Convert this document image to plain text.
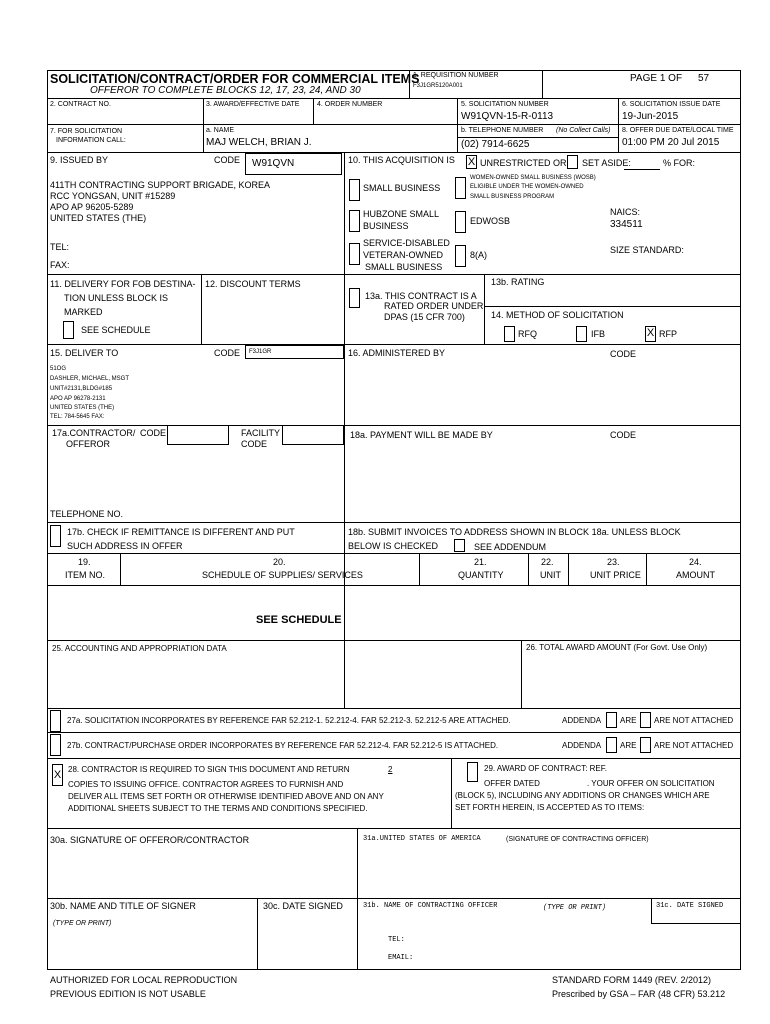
SOLICITATION/CONTRACT/ORDER FOR COMMERCIAL ITEMS
OFFEROR TO COMPLETE BLOCKS 12, 17, 23, 24, AND 30
1. REQUISITION NUMBER
F3J1GR5120A001
PAGE 1 OF 57
2. CONTRACT NO.	3. AWARD/EFFECTIVE DATE	4. ORDER NUMBER	5. SOLICITATION NUMBER
W91QVN-15-R-0113
6. SOLICITATION ISSUE DATE
19-Jun-2015
7. FOR SOLICITATION
INFORMATION CALL:
a. NAME
MAJ WELCH, BRIAN J.
b. TELEPHONE NUMBER (No Collect Calls)
(02) 7914-6625
8. OFFER DUE DATE/LOCAL TIME
01:00 PM 20 Jul 2015
9. ISSUED BY	CODE W91QVN
411TH CONTRACTING SUPPORT BRIGADE, KOREA
RCC YONGSAN, UNIT #15289
APO AP 96205-5289
UNITED STATES (THE)
TEL:
FAX:
10. THIS ACQUISITION IS X UNRESTRICTED OR SET ASIDE:	% FOR:
SMALL BUSINESS
WOMEN-OWNED SMALL BUSINESS (WOSB)
ELIGIBLE UNDER THE WOMEN-OWNED
SMALL BUSINESS PROGRAM
HUBZONE SMALL
BUSINESS	EDWOSB
NAICS:
334511
SERVICE-DISABLED
VETERAN-OWNED
SMALL BUSINESS
8(A)	SIZE STANDARD:
11. DELIVERY FOR FOB DESTINA-
TION UNLESS BLOCK IS
MARKED
SEE SCHEDULE
12. DISCOUNT TERMS
13a. THIS CONTRACT IS A
RATED ORDER UNDER
DPAS (15 CFR 700)
13b. RATING
14. METHOD OF SOLICITATION
RFQ	IFB	X RFP
15. DELIVER TO	CODE F3J1GR
51OG
DASHLER, MICHAEL, MSGT
UNIT#2131,BLDG#185
APO AP 96278-2131
UNITED STATES (THE)
TEL: 784-5645 FAX:
16. ADMINISTERED BY	CODE
17a.CONTRACTOR/
OFFEROR
CODE	FACILITY
CODE
18a. PAYMENT WILL BE MADE BY	CODE
TELEPHONE NO.
17b. CHECK IF REMITTANCE IS DIFFERENT AND PUT
SUCH ADDRESS IN OFFER
18b. SUBMIT INVOICES TO ADDRESS SHOWN IN BLOCK 18a. UNLESS BLOCK
BELOW IS CHECKED	SEE ADDENDUM
19.
ITEM NO.
20.
SCHEDULE OF SUPPLIES/ SERVICES
21.
QUANTITY
22.
UNIT
23.
UNIT PRICE
24.
AMOUNT
SEE SCHEDULE
25. ACCOUNTING AND APPROPRIATION DATA	26. TOTAL AWARD AMOUNT (For Govt. Use Only)
27a. SOLICITATION INCORPORATES BY REFERENCE FAR 52.212-1. 52.212-4. FAR 52.212-3. 52.212-5 ARE ATTACHED.	ADDENDA ARE ARE NOT ATTACHED
27b. CONTRACT/PURCHASE ORDER INCORPORATES BY REFERENCE FAR 52.212-4. FAR 52.212-5 IS ATTACHED.	ADDENDA ARE ARE NOT ATTACHED
X 28. CONTRACTOR IS REQUIRED TO SIGN THIS DOCUMENT AND RETURN	2
COPIES TO ISSUING OFFICE. CONTRACTOR AGREES TO FURNISH AND
DELIVER ALL ITEMS SET FORTH OR OTHERWISE IDENTIFIED ABOVE AND ON ANY
ADDITIONAL SHEETS SUBJECT TO THE TERMS AND CONDITIONS SPECIFIED.
29. AWARD OF CONTRACT: REF.
OFFER DATED	. YOUR OFFER ON SOLICITATION
(BLOCK 5), INCLUDING ANY ADDITIONS OR CHANGES WHICH ARE
SET FORTH HEREIN, IS ACCEPTED AS TO ITEMS:
30a. SIGNATURE OF OFFEROR/CONTRACTOR	31a.UNITED STATES OF AMERICA	(SIGNATURE OF CONTRACTING OFFICER)
30b. NAME AND TITLE OF SIGNER
(TYPE OR PRINT)
30c. DATE SIGNED	31b. NAME OF CONTRACTING OFFICER	(TYPE OR PRINT)	31c. DATE SIGNED
TEL:
EMAIL:
AUTHORIZED FOR LOCAL REPRODUCTION
PREVIOUS EDITION IS NOT USABLE
STANDARD FORM 1449 (REV. 2/2012)
Prescribed by GSA – FAR (48 CFR) 53.212
